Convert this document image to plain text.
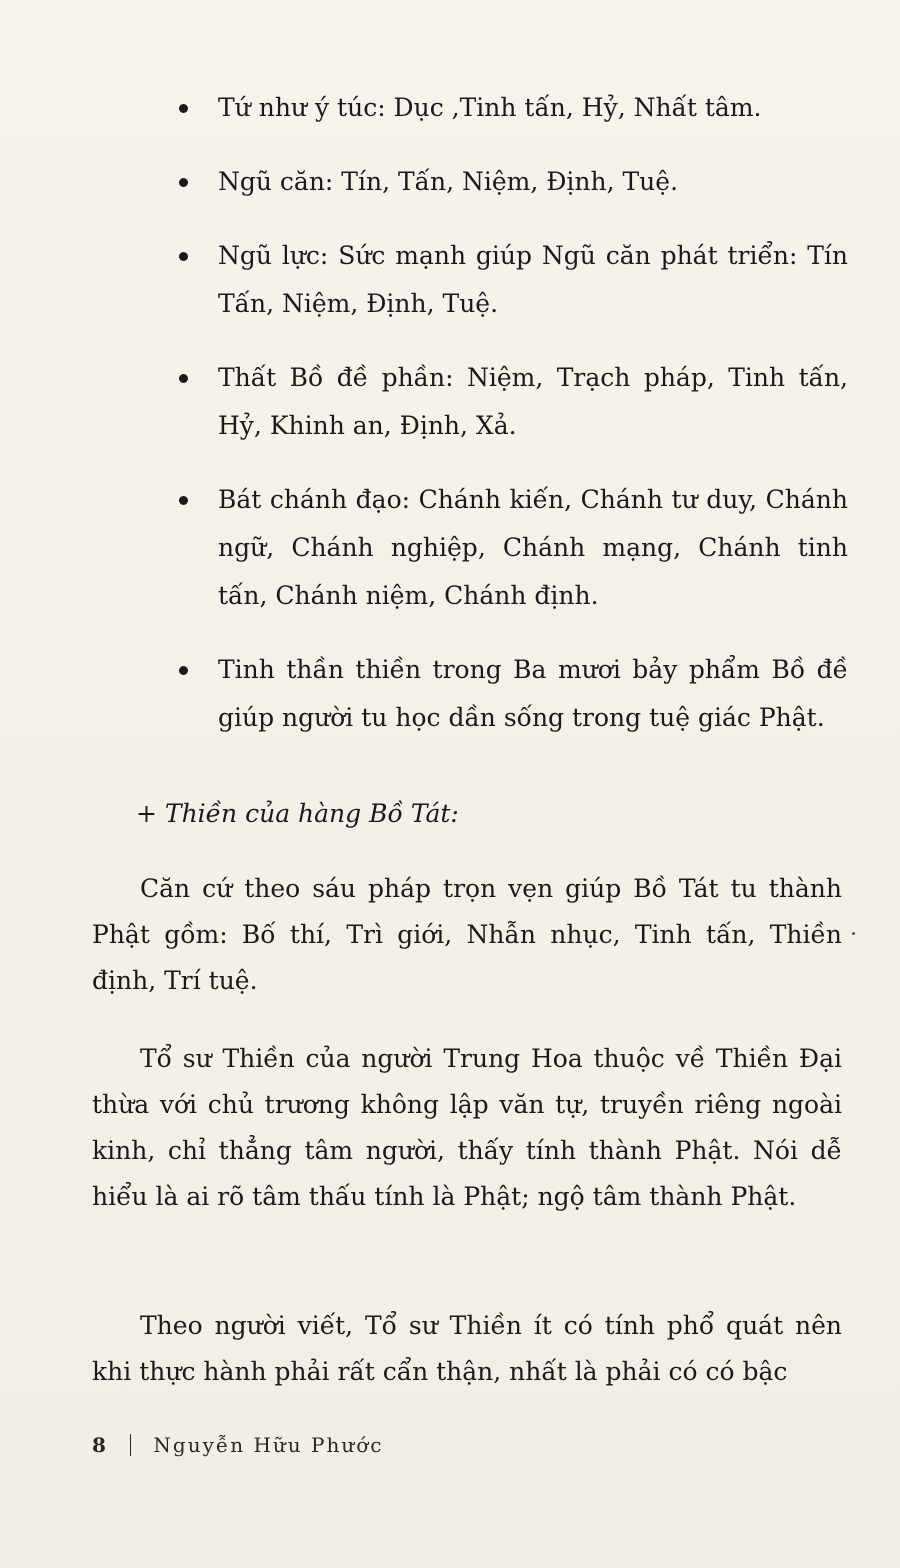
Tứ như ý túc: Dục ,Tinh tấn, Hỷ, Nhất tâm.
Ngũ căn: Tín, Tấn, Niệm, Định, Tuệ.
Ngũ lực: Sức mạnh giúp Ngũ căn phát triển: Tín Tấn, Niệm, Định, Tuệ.
Thất Bồ đề phần: Niệm, Trạch pháp, Tinh tấn, Hỷ, Khinh an, Định, Xả.
Bát chánh đạo: Chánh kiến, Chánh tư duy, Chánh ngữ, Chánh nghiệp, Chánh mạng, Chánh tinh tấn, Chánh niệm, Chánh định.
Tinh thần thiền trong Ba mươi bảy phẩm Bồ đề giúp người tu học dần sống trong tuệ giác Phật.
+ Thiền của hàng Bồ Tát:
Căn cứ theo sáu pháp trọn vẹn giúp Bồ Tát tu thành Phật gồm: Bố thí, Trì giới, Nhẫn nhục, Tinh tấn, Thiền định, Trí tuệ.
Tổ sư Thiền của người Trung Hoa thuộc về Thiền Đại thừa với chủ trương không lập văn tự, truyền riêng ngoài kinh, chỉ thẳng tâm người, thấy tính thành Phật. Nói dễ hiểu là ai rõ tâm thấu tính là Phật; ngộ tâm thành Phật.
Theo người viết, Tổ sư Thiền ít có tính phổ quát nên khi thực hành phải rất cẩn thận, nhất là phải có có bậc
8 Nguyễn Hữu Phước
